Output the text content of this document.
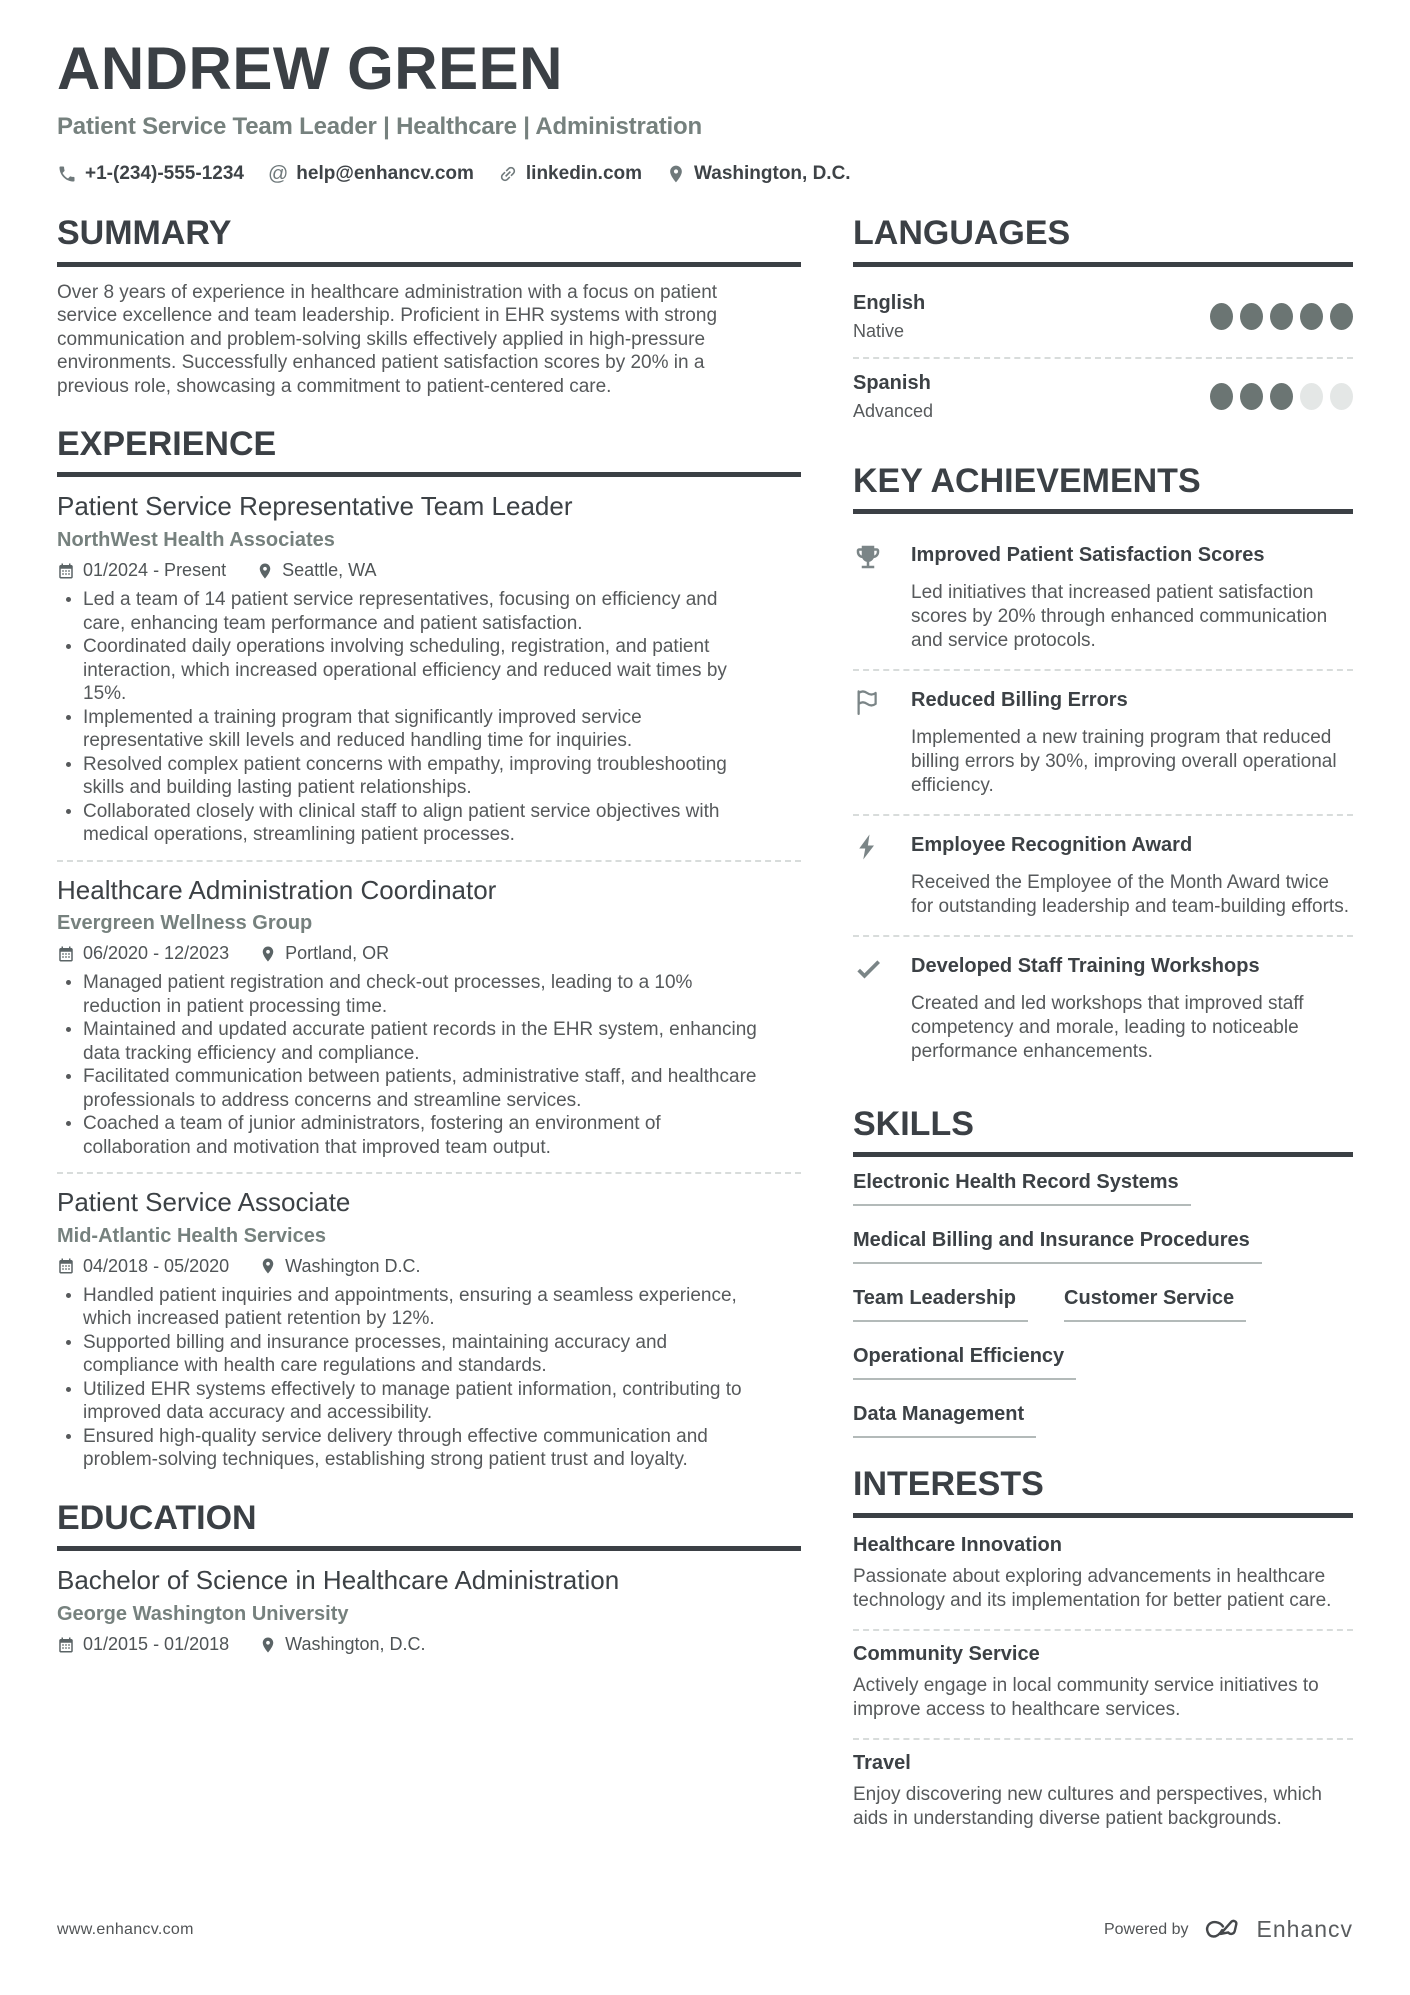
ANDREW GREEN
Patient Service Team Leader | Healthcare | Administration
+1-(234)-555-1234 @ help@enhancv.com	linkedin.com	Washington, D.C.
SUMMARY

Over 8 years of experience in healthcare administration with a focus on patient service excellence and team leadership. Proficient in EHR systems with strong communication and problem-solving skills effectively applied in high-pressure environments. Successfully enhanced patient satisfaction scores by 20% in a previous role, showcasing a commitment to patient-centered care.

EXPERIENCE
Patient Service Representative Team Leader
NorthWest Health Associates
01/2024 - Present	Seattle, WA
Led a team of 14 patient service representatives, focusing on efficiency and care, enhancing team performance and patient satisfaction.
Coordinated daily operations involving scheduling, registration, and patient interaction, which increased operational efficiency and reduced wait times by 15%.
Implemented a training program that significantly improved service representative skill levels and reduced handling time for inquiries.
Resolved complex patient concerns with empathy, improving troubleshooting skills and building lasting patient relationships.
Collaborated closely with clinical staff to align patient service objectives with medical operations, streamlining patient processes.
Healthcare Administration Coordinator
Evergreen Wellness Group
06/2020 - 12/2023	Portland, OR
Managed patient registration and check-out processes, leading to a 10% reduction in patient processing time.
Maintained and updated accurate patient records in the EHR system, enhancing data tracking efficiency and compliance.
Facilitated communication between patients, administrative staff, and healthcare professionals to address concerns and streamline services.
Coached a team of junior administrators, fostering an environment of collaboration and motivation that improved team output.
Patient Service Associate
Mid-Atlantic Health Services
04/2018 - 05/2020	Washington D.C.
Handled patient inquiries and appointments, ensuring a seamless experience, which increased patient retention by 12%.
Supported billing and insurance processes, maintaining accuracy and compliance with health care regulations and standards.
Utilized EHR systems effectively to manage patient information, contributing to improved data accuracy and accessibility.
Ensured high-quality service delivery through effective communication and problem-solving techniques, establishing strong patient trust and loyalty.
EDUCATION
Bachelor of Science in Healthcare Administration
George Washington University
01/2015 - 01/2018	Washington, D.C.
LANGUAGES
English
Native
Spanish
Advanced
KEY ACHIEVEMENTS
Improved Patient Satisfaction Scores
Led initiatives that increased patient satisfaction scores by 20% through enhanced communication and service protocols.
Reduced Billing Errors
Implemented a new training program that reduced billing errors by 30%, improving overall operational efficiency.
Employee Recognition Award
Received the Employee of the Month Award twice for outstanding leadership and team-building efforts.
Developed Staff Training Workshops
Created and led workshops that improved staff competency and morale, leading to noticeable performance enhancements.
SKILLS
Electronic Health Record Systems
Medical Billing and Insurance Procedures
Team Leadership	Customer Service
Operational Efficiency
Data Management
INTERESTS
Healthcare Innovation
Passionate about exploring advancements in healthcare technology and its implementation for better patient care.
Community Service
Actively engage in local community service initiatives to improve access to healthcare services.
Travel
Enjoy discovering new cultures and perspectives, which aids in understanding diverse patient backgrounds.
www.enhancv.com	Powered by	Enhancv
